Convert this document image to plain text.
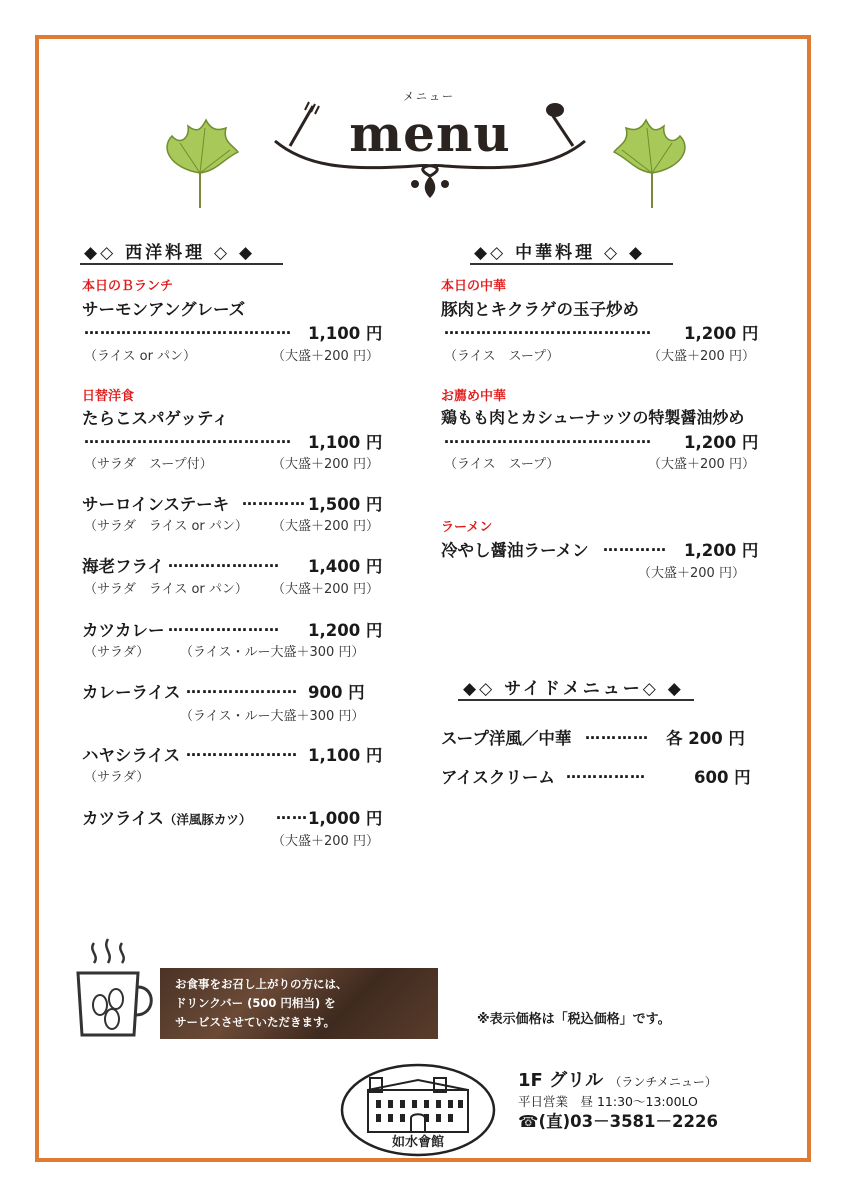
メニュー
menu
◆◇ 西洋料理 ◇ ◆
本日のＢランチ
サーモンアングレーズ
………………………………… 1,100 円
（ライス or パン）	（大盛＋200 円）
日替洋食
たらこスパゲッティ
………………………………… 1,100 円
（サラダ　スープ付）	（大盛＋200 円）
サーロインステーキ ………… 1,500 円
（サラダ　ライス or パン） （大盛＋200 円）
海老フライ …………………	1,400 円
（サラダ　ライス or パン） （大盛＋200 円）
カツカレー …………………	1,200 円
（サラダ） （ライス・ルー大盛＋300 円）
カレーライス ………………… 900 円
（ライス・ルー大盛＋300 円）
ハヤシライス ………………… 1,100 円
（サラダ）
カツライス（洋風豚カツ） …… 1,000 円
（大盛＋200 円）
◆◇ 中華料理 ◇ ◆
本日の中華
豚肉とキクラゲの玉子炒め
…………………………………	1,200 円
（ライス　スープ）	（大盛＋200 円）
お薦め中華
鶏もも肉とカシューナッツの特製醤油炒め
…………………………………	1,200 円
（ライス　スープ）	（大盛＋200 円）
ラーメン
冷やし醤油ラーメン …………	1,200 円
（大盛＋200 円）
◆◇ サイドメニュー◇ ◆
スープ洋風／中華 …………	各 200 円
アイスクリーム ……………	600 円
お食事をお召し上がりの方には、
ドリンクバー (500 円相当) を
サービスさせていただきます。	※表示価格は「税込価格」です。
如水會館
1F グリル （ランチメニュー）
平日営業　昼 11:30～13:00LO
☎(直)03－3581－2226
